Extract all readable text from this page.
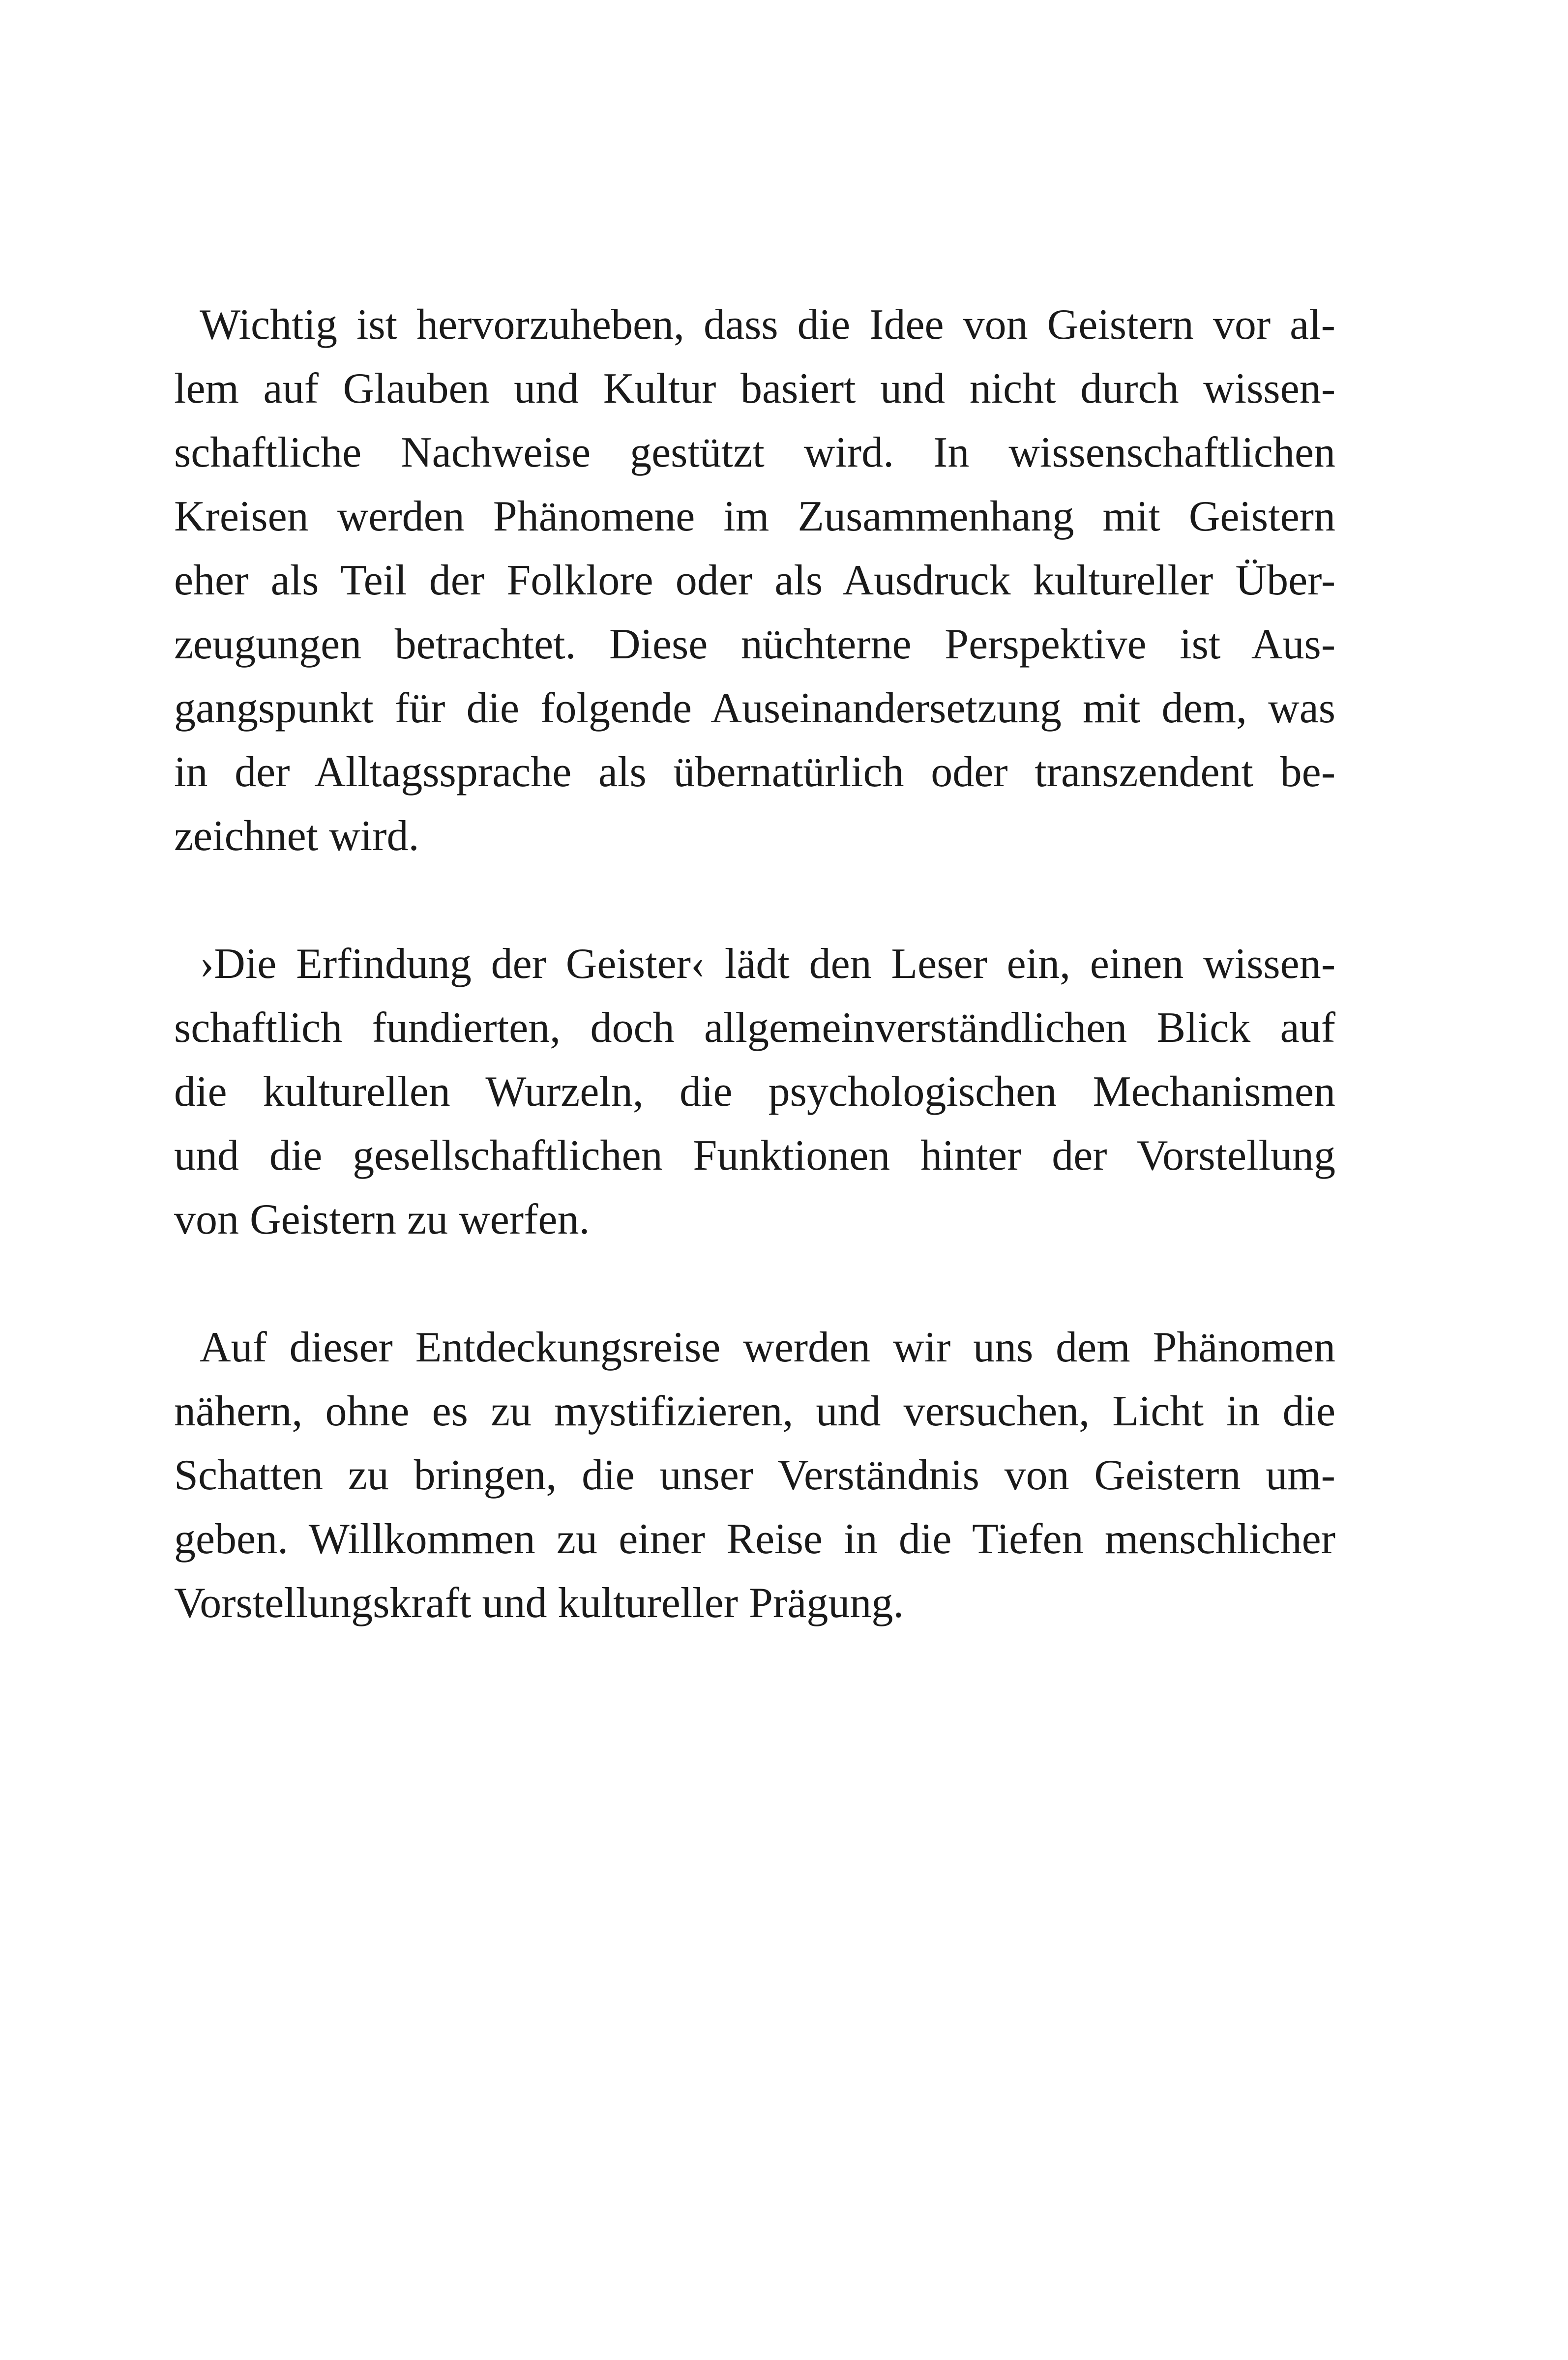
Wichtig ist hervorzuheben, dass die Idee von Geistern vor al-
lem auf Glauben und Kultur basiert und nicht durch wissen-
schaftliche Nachweise gestützt wird. In wissenschaftlichen
Kreisen werden Phänomene im Zusammenhang mit Geistern
eher als Teil der Folklore oder als Ausdruck kultureller Über-
zeugungen betrachtet. Diese nüchterne Perspektive ist Aus-
gangspunkt für die folgende Auseinandersetzung mit dem, was
in der Alltagssprache als übernatürlich oder transzendent be-
zeichnet wird.
›Die Erfindung der Geister‹ lädt den Leser ein, einen wissen-
schaftlich fundierten, doch allgemeinverständlichen Blick auf
die kulturellen Wurzeln, die psychologischen Mechanismen
und die gesellschaftlichen Funktionen hinter der Vorstellung
von Geistern zu werfen.
Auf dieser Entdeckungsreise werden wir uns dem Phänomen
nähern, ohne es zu mystifizieren, und versuchen, Licht in die
Schatten zu bringen, die unser Verständnis von Geistern um-
geben. Willkommen zu einer Reise in die Tiefen menschlicher
Vorstellungskraft und kultureller Prägung.
